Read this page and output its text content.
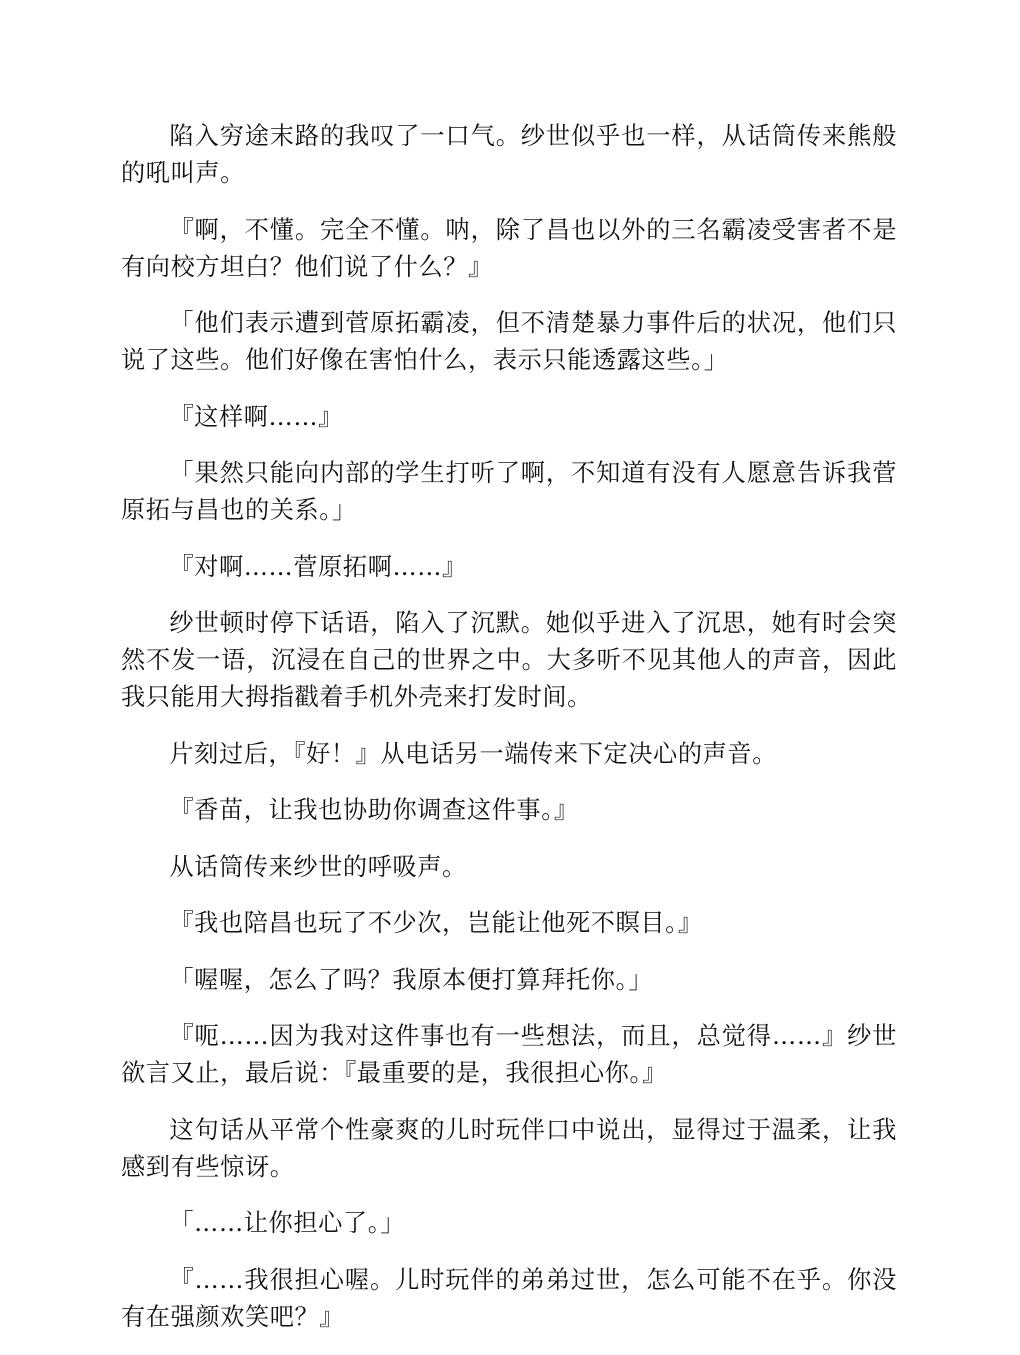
陷入穷途末路的我叹了一口气。纱世似乎也一样，从话筒传来熊般的吼叫声。

『啊，不懂。完全不懂。呐，除了昌也以外的三名霸凌受害者不是有向校方坦白？他们说了什么？』

「他们表示遭到菅原拓霸凌，但不清楚暴力事件后的状况，他们只说了这些。他们好像在害怕什么，表示只能透露这些。」

『这样啊……』

「果然只能向内部的学生打听了啊，不知道有没有人愿意告诉我菅原拓与昌也的关系。」

『对啊……菅原拓啊……』

纱世顿时停下话语，陷入了沉默。她似乎进入了沉思，她有时会突然不发一语，沉浸在自己的世界之中。大多听不见其他人的声音，因此我只能用大拇指戳着手机外壳来打发时间。

片刻过后，『好！』从电话另一端传来下定决心的声音。

『香苗，让我也协助你调查这件事。』

从话筒传来纱世的呼吸声。

『我也陪昌也玩了不少次，岂能让他死不瞑目。』

「喔喔，怎么了吗？我原本便打算拜托你。」

『呃……因为我对这件事也有一些想法，而且，总觉得……』纱世欲言又止，最后说：『最重要的是，我很担心你。』

这句话从平常个性豪爽的儿时玩伴口中说出，显得过于温柔，让我感到有些惊讶。

「……让你担心了。」

『……我很担心喔。儿时玩伴的弟弟过世，怎么可能不在乎。你没有在强颜欢笑吧？』
